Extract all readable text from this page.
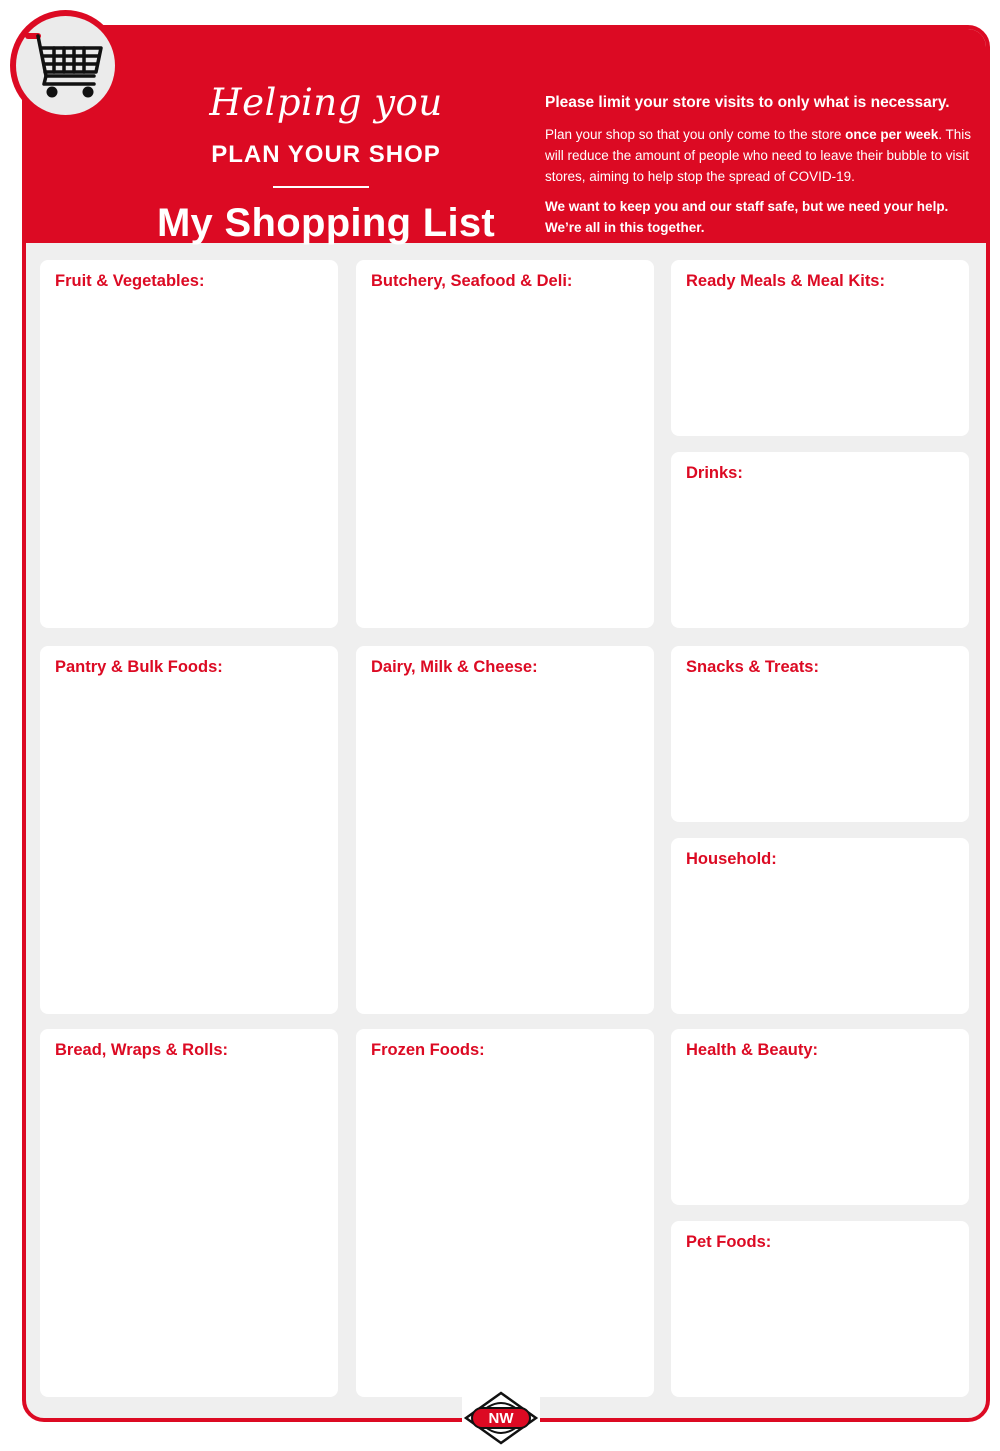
Helping you
PLAN YOUR SHOP
My Shopping List

Please limit your store visits to only what is necessary.

Plan your shop so that you only come to the store once per week. This will reduce the amount of people who need to leave their bubble to visit stores, aiming to help stop the spread of COVID-19.

We want to keep you and our staff safe, but we need your help. We’re all in this together.

Fruit & Vegetables:	Butchery, Seafood & Deli:	Ready Meals & Meal Kits:
Drinks:
Pantry & Bulk Foods:	Dairy, Milk & Cheese:	Snacks & Treats:
Household:
Bread, Wraps & Rolls:	Frozen Foods:	Health & Beauty:
Pet Foods:
NW
